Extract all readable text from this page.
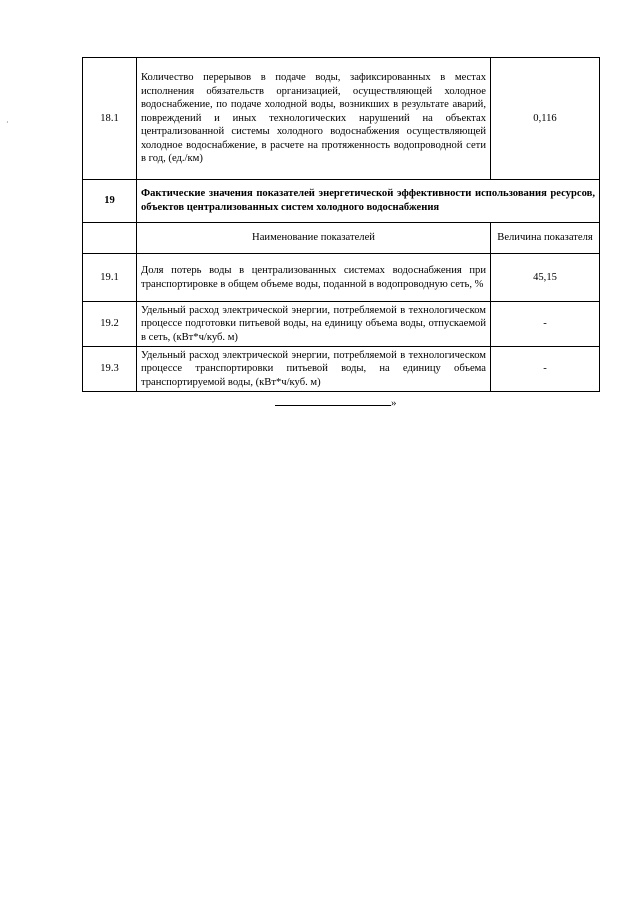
·	18.1	Количество перерывов в подаче воды, зафиксированных в местах исполнения обязательств организацией, осуществляющей холодное водоснабжение, по подаче холодной воды, возникших в результате аварий, повреждений и иных технологических нарушений на объектах централизованной системы холодного водоснабжения осуществляющей холодное водоснабжение, в расчете на протяженность водопроводной сети в год, (ед./км)	0,116
19	Фактические значения показателей энергетической эффективности использования ресурсов, объектов централизованных систем холодного водоснабжения	
	Наименование показателей	Величина показателя
19.1	Доля потерь воды в централизованных системах водоснабжения при транспортировке в общем объеме воды, поданной в водопроводную сеть, %	45,15
19.2	Удельный расход электрической энергии, потребляемой в технологическом процессе подготовки питьевой воды, на единицу объема воды, отпускаемой в сеть, (кВт*ч/куб. м)	-
19.3	Удельный расход электрической энергии, потребляемой в технологическом процессе транспортировки питьевой воды, на единицу объема транспортируемой воды, (кВт*ч/куб. м)	-
»
